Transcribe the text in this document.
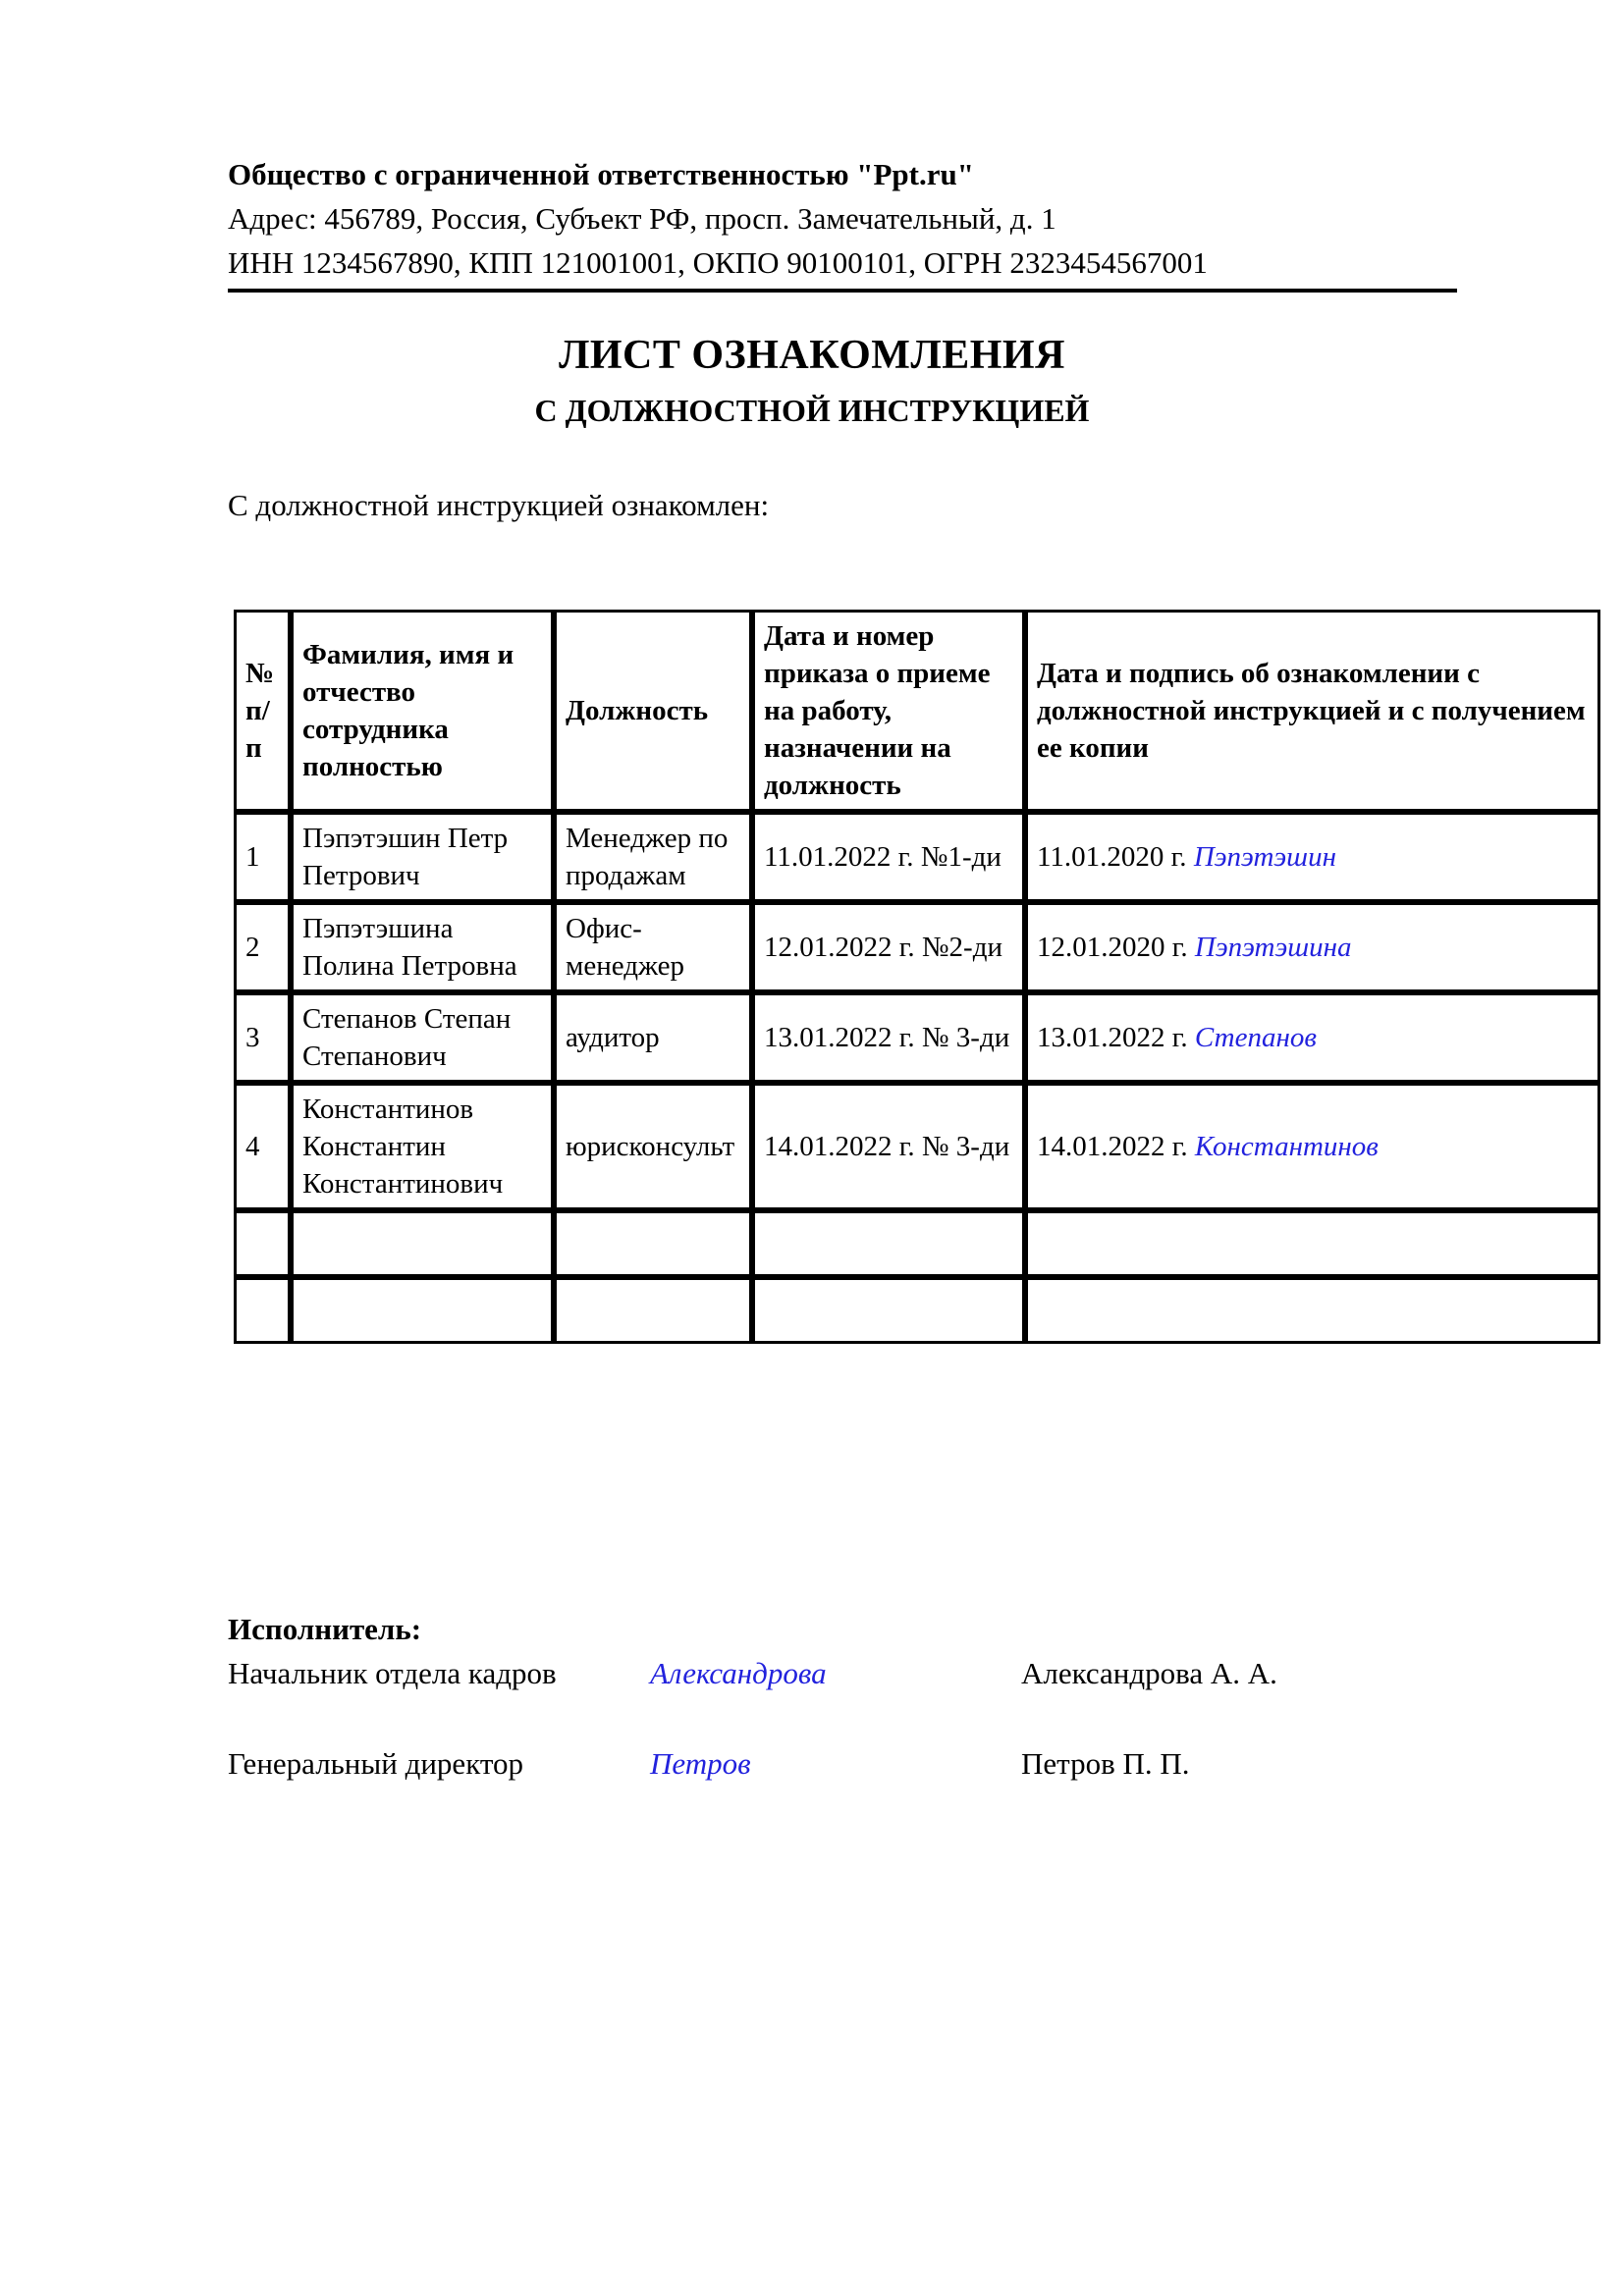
Общество с ограниченной ответственностью "Ppt.ru"
Адрес: 456789, Россия, Субъект РФ, просп. Замечательный, д. 1
ИНН 1234567890, КПП 121001001, ОКПО 90100101, ОГРН 2323454567001
ЛИСТ ОЗНАКОМЛЕНИЯ
С ДОЛЖНОСТНОЙ ИНСТРУКЦИЕЙ
С должностной инструкцией ознакомлен:
№ п/п	Фамилия, имя и отчество сотрудника полностью	Должность	Дата и номер приказа о приеме на работу, назначении на должность	Дата и подпись об ознакомлении с должностной инструкцией и с получением ее копии
1	Пэпэтэшин Петр Петрович	Менеджер по продажам	11.01.2022 г. №1-ди	11.01.2020 г. Пэпэтэшин
2	Пэпэтэшина Полина Петровна	Офис-менеджер	12.01.2022 г. №2-ди	12.01.2020 г. Пэпэтэшина
3	Степанов Степан Степанович	аудитор	13.01.2022 г. № 3-ди	13.01.2022 г. Степанов
4	Константинов Константин Константинович	юрисконсульт	14.01.2022 г. № 3-ди	14.01.2022 г. Константинов

Исполнитель:
Начальник отдела кадров	Александрова	Александрова А. А.
Генеральный директор	Петров	Петров П. П.
